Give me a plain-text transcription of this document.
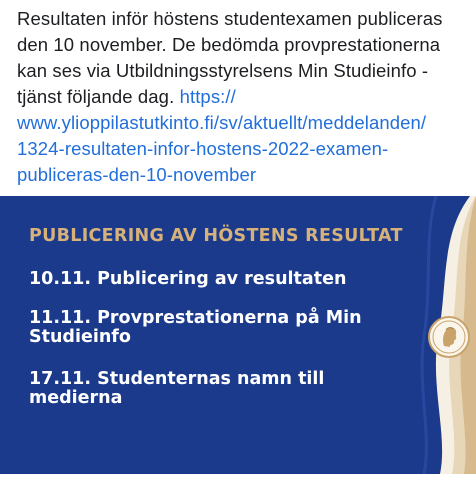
Resultaten inför höstens studentexamen publiceras den 10 november. De bedömda provprestationerna kan ses via Utbildningsstyrelsens Min Studieinfo -tjänst följande dag. https://
www.ylioppilastutkinto.fi/sv/aktuellt/meddelanden/
1324-resultaten-infor-hostens-2022-examen-
publiceras-den-10-november
PUBLICERING AV HÖSTENS RESULTAT
10.11. Publicering av resultaten
11.11. Provprestationerna på Min Studieinfo
17.11. Studenternas namn till medierna
